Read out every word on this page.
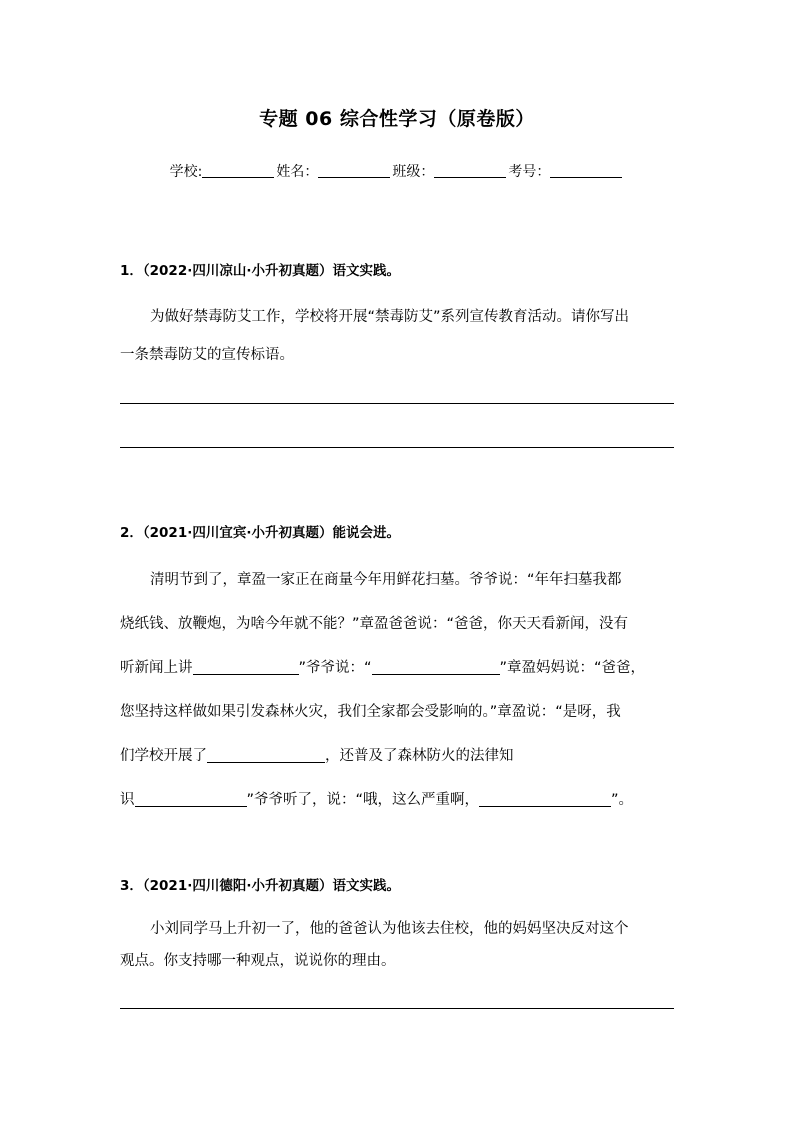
专题 06 综合性学习（原卷版）
学校:	姓名：	班级：	考号：
1．（2022·四川凉山·小升初真题）语文实践。
为做好禁毒防艾工作，学校将开展“禁毒防艾”系列宣传教育活动。请你写出
一条禁毒防艾的宣传标语。
2．（2021·四川宜宾·小升初真题）能说会进。
清明节到了，章盈一家正在商量今年用鲜花扫墓。爷爷说：“年年扫墓我都
烧纸钱、放鞭炮，为啥今年就不能？”章盈爸爸说：“爸爸，你天天看新闻，没有
听新闻上讲	”爷爷说：“	”章盈妈妈说：“爸爸，
您坚持这样做如果引发森林火灾，我们全家都会受影响的。”章盈说：“是呀，我
们学校开展了	，还普及了森林防火的法律知
识	”爷爷听了，说：“哦，这么严重啊，	”。
3．（2021·四川德阳·小升初真题）语文实践。
小刘同学马上升初一了，他的爸爸认为他该去住校，他的妈妈坚决反对这个
观点。你支持哪一种观点，说说你的理由。
